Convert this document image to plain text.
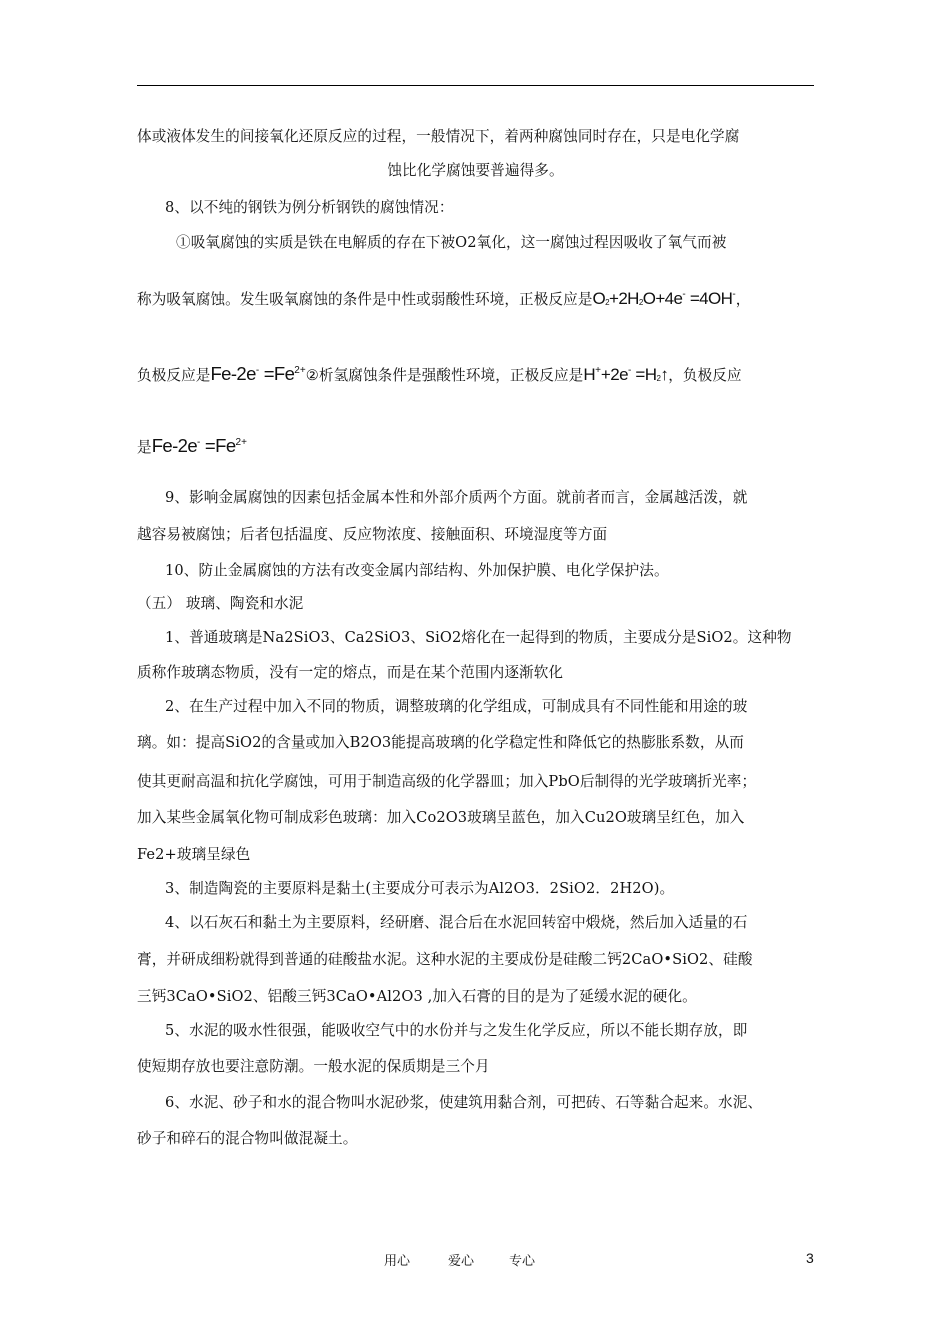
体或液体发生的间接氧化还原反应的过程，一般情况下，着两种腐蚀同时存在，只是电化学腐
蚀比化学腐蚀要普遍得多。
8、以不纯的钢铁为例分析钢铁的腐蚀情况：
①吸氧腐蚀的实质是铁在电解质的存在下被O2氧化，这一腐蚀过程因吸收了氧气而被
称为吸氧腐蚀。发生吸氧腐蚀的条件是中性或弱酸性环境，正极反应是$O_2+2H_2O+4e^- =4OH^-$，
负极反应是$Fe-2e^- =Fe^{2+}②$析氢腐蚀条件是强酸性环境，正极反应是$H^++2e^- =H_2↑$，负极反应
是$Fe-2e^- =Fe^{2+}$
9、影响金属腐蚀的因素包括金属本性和外部介质两个方面。就前者而言，金属越活泼，就
越容易被腐蚀；后者包括温度、反应物浓度、接触面积、环境湿度等方面
10、防止金属腐蚀的方法有改变金属内部结构、外加保护膜、电化学保护法。
（五） 玻璃、陶瓷和水泥
1、普通玻璃是Na2SiO3、Ca2SiO3、SiO2熔化在一起得到的物质，主要成分是SiO2。这种物
质称作玻璃态物质，没有一定的熔点，而是在某个范围内逐渐软化
2、在生产过程中加入不同的物质，调整玻璃的化学组成，可制成具有不同性能和用途的玻
璃。如：提高SiO2的含量或加入B2O3能提高玻璃的化学稳定性和降低它的热膨胀系数，从而
使其更耐高温和抗化学腐蚀，可用于制造高级的化学器皿；加入PbO后制得的光学玻璃折光率；
加入某些金属氧化物可制成彩色玻璃：加入Co2O3玻璃呈蓝色，加入Cu2O玻璃呈红色，加入
Fe2+玻璃呈绿色
3、制造陶瓷的主要原料是黏土(主要成分可表示为Al2O3．2SiO2．2H2O)。
4、以石灰石和黏土为主要原料，经研磨、混合后在水泥回转窑中煅烧，然后加入适量的石
膏，并研成细粉就得到普通的硅酸盐水泥。这种水泥的主要成份是硅酸二钙2CaO•SiO2、硅酸
三钙3CaO•SiO2、铝酸三钙3CaO•Al2O3 ,加入石膏的目的是为了延缓水泥的硬化。
5、水泥的吸水性很强，能吸收空气中的水份并与之发生化学反应，所以不能长期存放，即
使短期存放也要注意防潮。一般水泥的保质期是三个月
6、水泥、砂子和水的混合物叫水泥砂浆，使建筑用黏合剂，可把砖、石等黏合起来。水泥、
砂子和碎石的混合物叫做混凝土。
用心	爱心	专心	3
